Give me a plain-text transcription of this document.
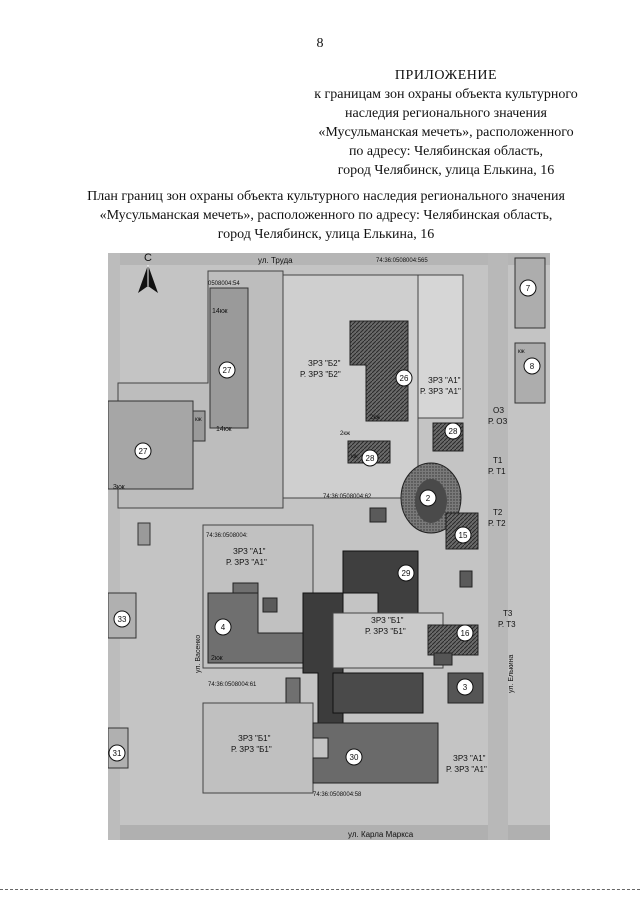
8
ПРИЛОЖЕНИЕ
к границам зон охраны объекта культурного
наследия регионального значения
«Мусульманская мечеть», расположенного
по адресу: Челябинская область,
город Челябинск, улица Елькина, 16
План границ зон охраны объекта культурного наследия регионального значения
«Мусульманская мечеть», расположенного по адресу: Челябинская область,
город Челябинск, улица Елькина, 16
С	ул. Труда
ул. Карла Маркса
ул. Васенко
ул. Елькина
74:36:0508004:565
0508004:54
74:36:0508004:62
74:36:0508004:
74:36:0508004:61
74:36:0508004:58
14кж
14кж
3кж
2кж
2кж
кж
кж
кж
2кж
ЗРЗ "Б2"
Р. ЗРЗ "Б2"
ЗРЗ "А1"
Р. ЗРЗ "А1"
ЗРЗ "А1"
Р. ЗРЗ "А1"
ЗРЗ "Б1"
Р. ЗРЗ "Б1"
ЗРЗ "Б1"
Р. ЗРЗ "Б1"
ЗРЗ "А1"
Р. ЗРЗ "А1"
ОЗ
Р. ОЗ
Т1
Р. Т1
Т2
Р. Т2
Т3
Р. Т3
7
8
27
27
26
28
28
2
15
29
4
16
33
3
31	30
